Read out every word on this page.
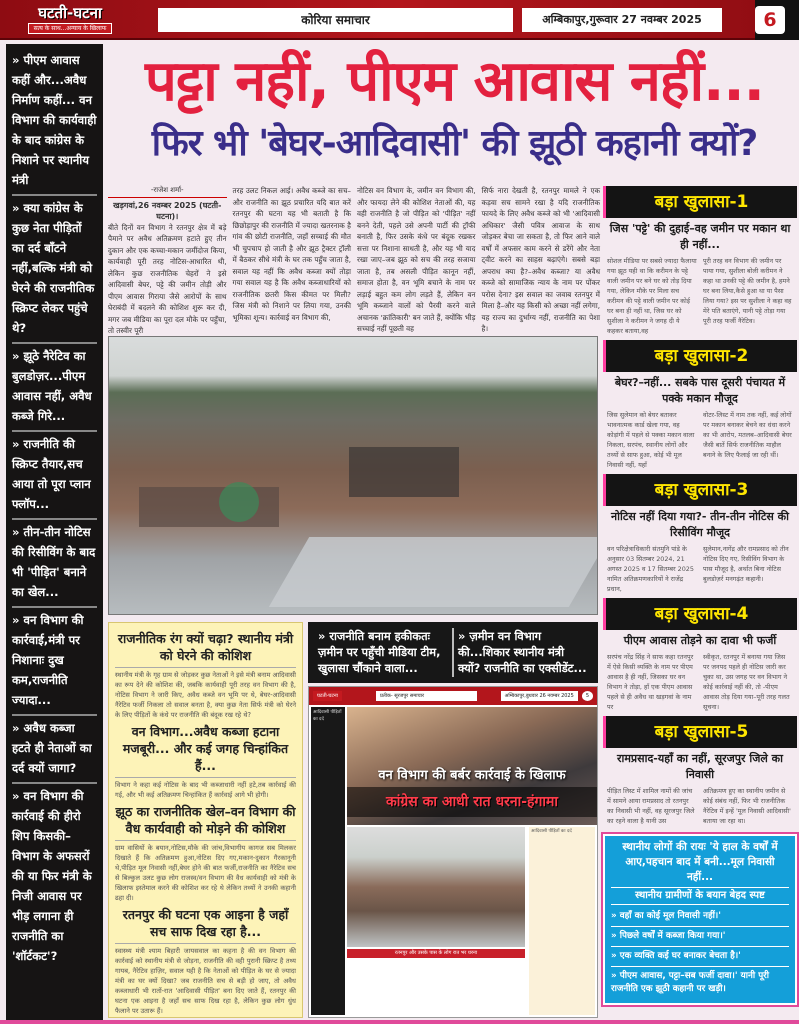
घटती-घटना
सत्य के साथ...अन्याय के खिलाफ
कोरिया समाचार	अम्बिकापुर,गुरूवार 27 नवम्बर 2025	6
» पीएम आवास कहीं और...अवैध निर्माण कहीं... वन विभाग की कार्यवाही के बाद कांग्रेस के निशाने पर स्थानीय मंत्री
» क्या कांग्रेस के कुछ नेता पीड़ितों का दर्द बाँटने नहीं,बल्कि मंत्री को घेरने की राजनीतिक स्क्रिप्ट लेकर पहुंचे थे?
» झूठे नैरेटिव का बुलडोज़र...पीएम आवास नहीं, अवैध कब्जे गिरे...
» राजनीति की स्क्रिप्ट तैयार,सच आया तो पूरा प्लान फ्लॉप...
» तीन-तीन नोटिस की रिसीविंग के बाद भी 'पीड़ित' बनाने का खेल...
» वन विभाग की कार्रवाई,मंत्री पर निशानाः दुख कम,राजनीति ज्यादा...
» अवैध कब्जा हटते ही नेताओं का दर्द क्यों जागा?
» वन विभाग की कार्रवाई की हीरो शिप किसकी–विभाग के अफसरों की या फिर मंत्री के निजी आवास पर भीड़ लगाना ही राजनीति का 'शॉर्टकट'?
पट्टा नहीं, पीएम आवास नहीं...
फिर भी 'बेघर-आदिवासी' की झूठी कहानी क्यों?
-राजेश शर्मा-
खड़गवां,26 नवम्बर 2025 (घटती-घटना)।
बीते दिनों वन विभाग ने रतनपुर क्षेत्र में बड़े पैमाने पर अवैध अतिक्रमण हटाते हुए तीन दुकान और एक कच्चा-मकान जमींदोज किया, कार्यवाही पूरी तरह नोटिस-आधारित थी, लेकिन कुछ राजनीतिक चेहरों ने इसे आदिवासी बेघर, पट्टे की जमीन तोड़ी और पीएम आवास गिराया जैसे आरोपों के साथ घेराबंदी में बदलने की कोशिश शुरू कर दी, मगर जब मीडिया का पूरा दल मौके पर पहुँचा, तो तस्वीर पूरी
तरह उलट निकल आई। अवैध कब्जे का सच–और राजनीति का झूठ प्रचारित यदि बात करें रतनपुर की घटना यह भी बताती है कि छिछोड़ापुर की राजनीति में ज्यादा खतरनाक है गांव की छोटी राजनीति, जहाँ सच्चाई की मौत भी चुपचाप हो जाती है और झूठ ट्रैक्टर ट्रॉली में बैठकर सीधे मंत्री के घर तक पहुँच जाता है, सवाल यह नहीं कि अवैध कब्जा क्यों तोड़ा गया सवाल यह है कि अवैध कब्जाधारियों को राजनीतिक छतरी किस कीमत पर मिली? जिस मंत्री को निशाने पर लिया गया, उनकी भूमिका शून्य। कार्रवाई वन विभाग की,
नोटिस वन विभाग के, जमीन वन विभाग की, और फायदा लेने की कोशिश नेताओं की, यह वही राजनीति है जो पीड़ित को 'पीड़ित' नहीं बनने देती, पहले उसे अपनी पार्टी की ट्रॉफी बनाती है, फिर उसके कंधे पर बंदूक रखकर सत्ता पर निशाना साधती है, और यह भी याद रखा जाए–जब झूठ को सच की तरह सजाया जाता है, तब असली पीड़ित कानून नहीं, समाज होता है, वन भूमि बचाने के नाम पर लड़ाई बहुत कम लोग लड़ते हैं, लेकिन वन भूमि कब्जाने वालों को पैरवी करने वाले अचानक 'क्रांतिकारी' बन जाते हैं, क्योंकि भीड़ सच्चाई नहीं पूछती वह
सिर्फ नारा देखती है, रतनपुर मामले ने एक कड़वा सच सामने रखा है यदि राजनीतिक फायदे के लिए अवैध कब्जे को भी 'आदिवासी अधिकार' जैसी पवित्र आवाज के साथ जोड़कर बेचा जा सकता है, तो फिर आने वाले वर्षों में अफसर काम करने से डरेंगे और नेता ट्वीट करने का साहस बढ़ाएंगे। सबसे बड़ा अपराध क्या है?–अवैध कब्जा? या अवैध कब्जे को सामाजिक न्याय के नाम पर पोंकर परोस देना? इस सवाल का जवाब रतनपुर में मिला है–और यह किसी को अच्छा नहीं लगेगा, यह राज्य का दुर्भाग्य नहीं, राजनीति का पेशा है।
राजनीतिक रंग क्यों चढ़ा? स्थानीय मंत्री को घेरने की कोशिश

स्थानीय मंत्री के गृह ग्राम से जोड़कर कुछ नेताओं ने इसे मंत्री बनाम आदिवासी का रूप देने की कोशिश की, जबकि कार्यवाही पूरी तरह वन विभाग की है, नोटिस विभाग ने जारी किए, अवैध कब्जे वन भूमि पर थे, बेघर-आदिवासी नैरेटिव फर्जी निकला तो सवाल बनता है, क्या कुछ नेता सिर्फ मंत्री को घेरने के लिए पीड़ितों के कंधे पर राजनीति की बंदूक रख रहे थे?

वन विभाग...अवैध कब्जा हटाना मजबूरी... और कई जगह चिन्हांकित हैं...

विभाग ने कहा कई नोटिस के बाद भी कब्जाधारी नहीं हटे,तब कार्रवाई की गई, और भी कई अतिक्रमण चिन्हांकित हैं कार्रवाई आगे भी होगी।

झूठ का राजनीतिक खेल–वन विभाग की वैध कार्यवाही को मोड़ने की कोशिश

ग्राम वासियों के बयान,नोटिस,मौके की जांच,विभागीय कागज सब मिलकर दिखाते हैं कि अतिक्रमण हुआ,नोटिस दिए गए,मकान-दुकान गैरकानूनी थे,पीड़ित मूल निवासी नहीं,बेघर होने की बात फर्जी,राजनीति का नैरेटिव सच से बिल्कुल उलट कुछ लोग राजस्व/वन विभाग की वैध कार्यवाही को मंत्री के खिलाफ इस्तेमाल करने की कोशिश कर रहे थे लेकिन तथ्यों ने उनकी कहानी ढहा दी।

रतनपुर की घटना एक आइना है जहाँ सच साफ दिख रहा है...

स्वास्थ्य मंत्री श्याम बिहारी जायसवाल का कहना है की वन विभाग की कार्रवाई को स्थानीय मंत्री से जोड़ना, राजनीति की वही पुरानी स्क्रिप्ट है तथ्य गायब, नैरेटिव हाज़िर, सवाल यही है कि नेताओं को पीड़ित के घर से ज्यादा मंत्री का घर क्यों दिखा? जब राजनीति सच से बड़ी हो जाए, तो अवैध कब्जाधारी भी रातों-रात 'आदिवासी पीड़ित' बना दिए जाते हैं, रतनपुर की घटना एक आइना है जहाँ सच साफ दिख रहा है, लेकिन कुछ लोग धुंध फैलाने पर उतारू हैं।

» राजनीति बनाम हकीकतः ज़मीन पर पहुँची मीडिया टीम, खुलासा चौंकाने वाला...
» ज़मीन वन विभाग की...शिकार स्थानीय मंत्री क्यों? राजनीति का एक्सीडेंट...
घटती-घटना	प्रतीक- सूरजपुर समाचार	अम्बिकापुर,बुधवार 26 नवम्बर 2025	5
आदिवासी पीड़ितों का दर्द
वन विभाग की बर्बर कार्रवाई के खिलाफ
कांग्रेस का आधी रात धरना-हंगामा
आदिवासी पीड़ितों का दर्द
रतनपुर और उसके पास के लोग रात भर धरना
बड़ा खुलासा-1
जिस 'पट्टे' की दुहाई–वह जमीन पर मकान था ही नहीं...

सोशल मीडिया पर सबसे ज्यादा फैलाया गया झूठ यही था कि करीमन के पट्टे वाली जमीन पर बने घर को तोड़ दिया गया, लेकिन मौके पर मिला सच करीमन की पट्टे वाली जमीन पर कोई घर बना ही नहीं था, जिस घर को सुशीला ने करीमन ने जगह दी ये कहकर बताया,वह

पूरी तरह वन विभाग की जमीन पर पाया गया, सुशीला बोली करीमन ने कहा था उनकी पट्टे की जमीन है, हमने घर बना लिया,कैसे हुआ था या पैसा लिया गया? इस पर सुशीला ने कहा वह मेरे पति बताएंगे, यानी पट्टे तोड़ा गया पूरी तरह फर्जी नैरेटिव।

बड़ा खुलासा-2
बेघर?–नहीं... सबके पास दूसरी पंचायत में पक्के मकान मौजूद

जिस सुलेमान को बेघर बताकर भावनात्मक कार्ड खेला गया, वह कोड़ांगी में पहले से पक्का मकान वाला निकला, सरपंच, स्थानीय लोगों और तथ्यों से साफ हुआ, कोई भी मूल निवासी नहीं, यहाँ

वोटर-लिस्ट में नाम तक नहीं, कई लोगों पर मकान बनाकर बेचने का धंधा करने का भी आरोप, मतलब–आदिवासी बेघर जैसी बातें सिर्फ राजनीतिक माहौल बनाने के लिए फैलाई जा रही थीं।

बड़ा खुलासा-3
नोटिस नहीं दिया गया?- तीन-तीन नोटिस की रिसीविंग मौजूद

वन परिक्षेत्राधिकारी संतमुनि पांडे के अनुसार 03 सितम्बर 2024, 21 अगस्त 2025 व 17 सितम्बर 2025 नामित अतिक्रमणकारियों ने राजेंद्र प्रधान,

सुलेमान,नागेंद्र और रामप्रसाद को तीन नोटिस दिए गए, रिसीविंग विभाग के पास मौजूद है, अर्थात बिना नोटिस बुलडोज़र्र मनगढ़ंत कहानी।

बड़ा खुलासा-4
पीएम आवास तोड़ने का दावा भी फर्जी

सरपंच नरेंद्र सिंह ने साफ कहा रतनपुर में ऐसे किसी व्यक्ति के नाम पर पीएम आवास है ही नहीं, जिसका घर वन विभाग ने तोड़ा, हाँ एक पीएम आवास पहले से ही अवैध था खड़गवां के नाम पर

स्वीकृत, रतनपुर में बनाया गया जिस पर जनपद पहले ही नोटिस जारी कर चुका था, उस जगह पर वन विभाग ने कोई कार्रवाई नहीं की, तो -पीएम आवास तोड़ दिया गया–पूरी तरह गलत सूचना।

बड़ा खुलासा-5
रामप्रसाद-यहाँ का नहीं, सूरजपुर जिले का निवासी

पीड़ित लिस्ट में शामिल नामों की जांच में सामने आया रामप्रसाद तो रतनपुर का निवासी भी नहीं, वह सूरजपुर जिले का रहने वाला है यानी उस

अतिक्रमण हुए का स्थानीय जमीन से कोई संबंध नहीं, फिर भी राजनीतिक नैरेटिव में इन्हें 'मूल निवासी आदिवासी' बताया जा रहा था।

स्थानीय लोगों की रायः 'ये हाल के वर्षों में आए,पहचान बाद में बनी...मूल निवासी नहीं...
स्थानीय ग्रामीणों के बयान बेहद स्पष्ट
» वहाँ का कोई मूल निवासी नहीं।'
» पिछले वर्षों में कब्जा किया गया।'
» एक व्यक्ति कई घर बनाकर बेचता है।'
» पीएम आवास, पट्टा–सब फर्जी दावा।' यानी पूरी राजनीति एक झूठी कहानी पर खड़ी।
